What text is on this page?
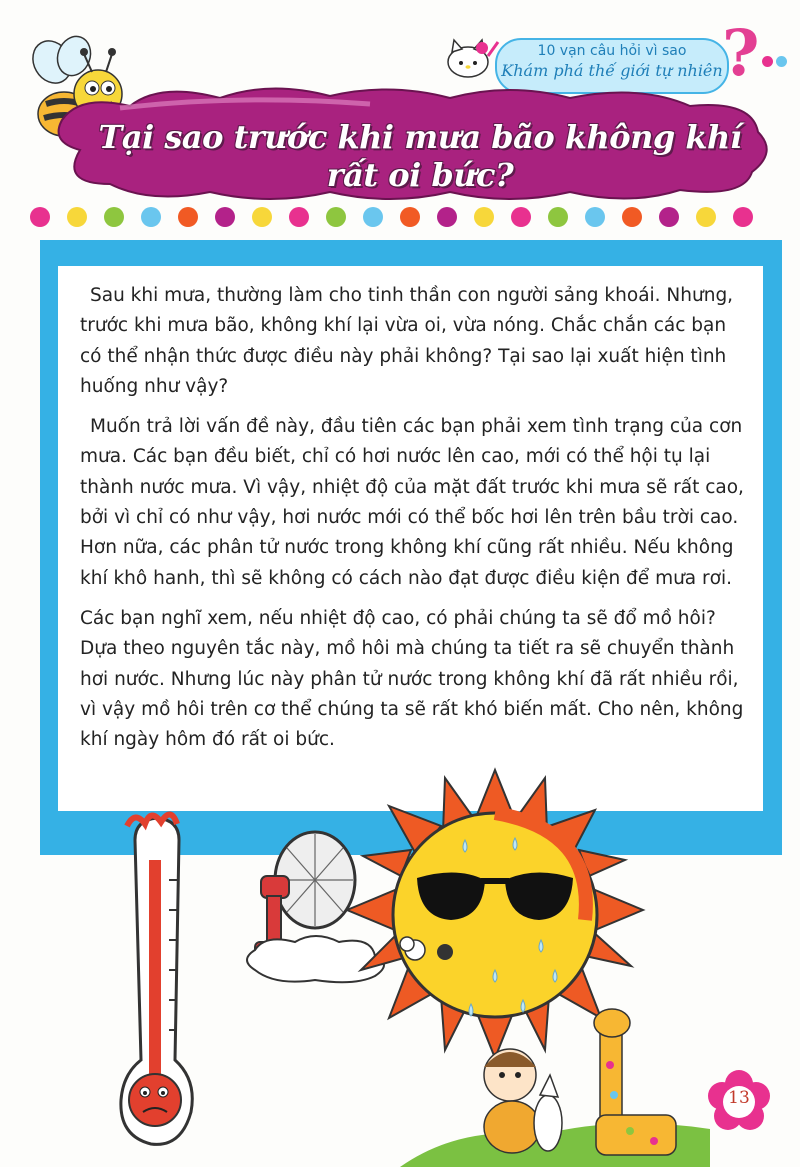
10 vạn câu hỏi vì sao
Khám phá thế giới tự nhiên ?
Tại sao trước khi mưa bão không khí rất oi bức?

Sau khi mưa, thường làm cho tinh thần con người sảng khoái. Nhưng, trước khi mưa bão, không khí lại vừa oi, vừa nóng. Chắc chắn các bạn có thể nhận thức được điều này phải không? Tại sao lại xuất hiện tình huống như vậy?

Muốn trả lời vấn đề này, đầu tiên các bạn phải xem tình trạng của cơn mưa. Các bạn đều biết, chỉ có hơi nước lên cao, mới có thể hội tụ lại thành nước mưa. Vì vậy, nhiệt độ của mặt đất trước khi mưa sẽ rất cao, bởi vì chỉ có như vậy, hơi nước mới có thể bốc hơi lên trên bầu trời cao. Hơn nữa, các phân tử nước trong không khí cũng rất nhiều. Nếu không khí khô hanh, thì sẽ không có cách nào đạt được điều kiện để mưa rơi.

Các bạn nghĩ xem, nếu nhiệt độ cao, có phải chúng ta sẽ đổ mồ hôi? Dựa theo nguyên tắc này, mồ hôi mà chúng ta tiết ra sẽ chuyển thành hơi nước. Nhưng lúc này phân tử nước trong không khí đã rất nhiều rồi, vì vậy mồ hôi trên cơ thể chúng ta sẽ rất khó biến mất. Cho nên, không khí ngày hôm đó rất oi bức.

13
